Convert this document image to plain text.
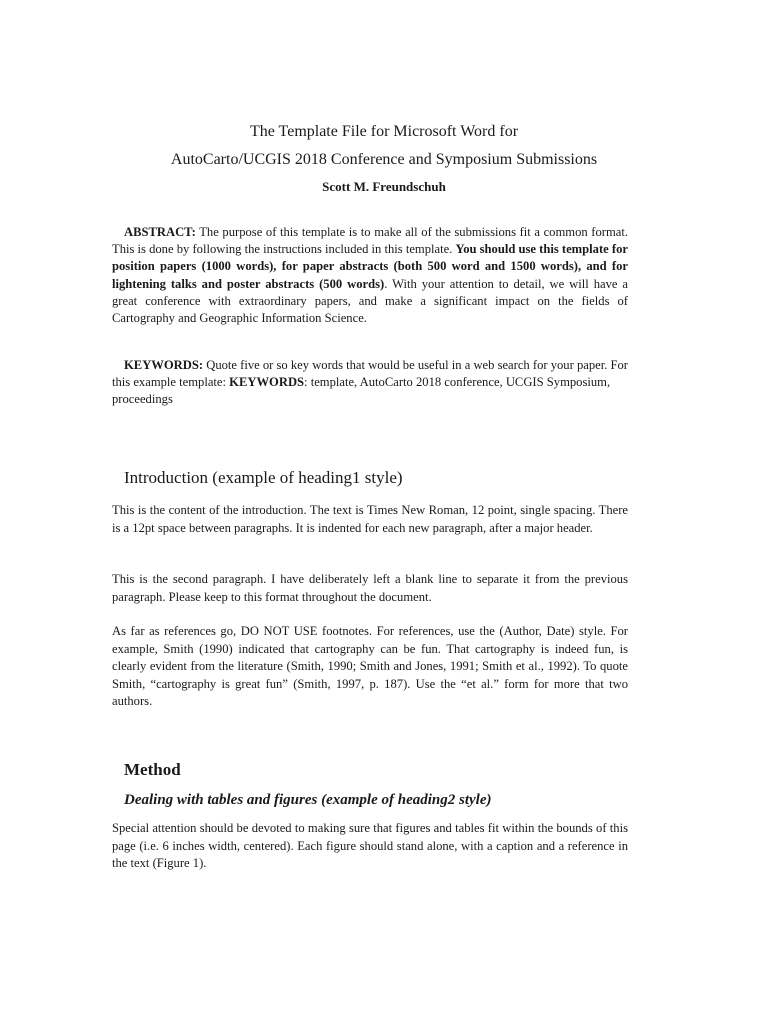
The Template File for Microsoft Word for

AutoCarto/UCGIS 2018 Conference and Symposium Submissions

Scott M. Freundschuh

ABSTRACT: The purpose of this template is to make all of the submissions fit a common format. This is done by following the instructions included in this template. You should use this template for position papers (1000 words), for paper abstracts (both 500 word and 1500 words), and for lightening talks and poster abstracts (500 words). With your attention to detail, we will have a great conference with extraordinary papers, and make a significant impact on the fields of Cartography and Geographic Information Science.

KEYWORDS: Quote five or so key words that would be useful in a web search for your paper. For this example template: KEYWORDS: template, AutoCarto 2018 conference, UCGIS Symposium, proceedings

Introduction (example of heading1 style)

This is the content of the introduction. The text is Times New Roman, 12 point, single spacing. There is a 12pt space between paragraphs. It is indented for each new paragraph, after a major header.

This is the second paragraph. I have deliberately left a blank line to separate it from the previous paragraph. Please keep to this format throughout the document.

As far as references go, DO NOT USE footnotes. For references, use the (Author, Date) style. For example, Smith (1990) indicated that cartography can be fun. That cartography is indeed fun, is clearly evident from the literature (Smith, 1990; Smith and Jones, 1991; Smith et al., 1992). To quote Smith, “cartography is great fun” (Smith, 1997, p. 187). Use the “et al.” form for more that two authors.

Method
Dealing with tables and figures (example of heading2 style)

Special attention should be devoted to making sure that figures and tables fit within the bounds of this page (i.e. 6 inches width, centered). Each figure should stand alone, with a caption and a reference in the text (Figure 1).
